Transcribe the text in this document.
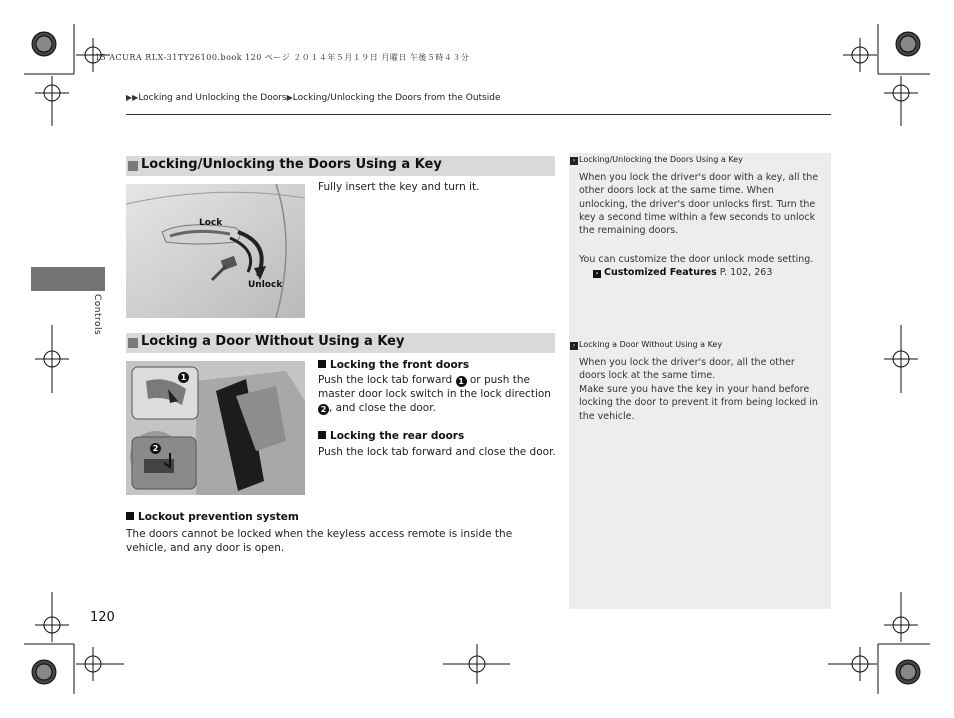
15 ACURA RLX-31TY26100.book 120 ページ ２０１４年５月１９日 月曜日 午後５時４３分
▶▶Locking and Unlocking the Doors▶Locking/Unlocking the Doors from the Outside
Controls
Locking/Unlocking the Doors Using a Key
Lock
Unlock
Fully insert the key and turn it.
Locking a Door Without Using a Key
1
2
Locking the front doors
Push the lock tab forward 1 or push the master door lock switch in the lock direction 2 , and close the door.
Locking the rear doors
Push the lock tab forward and close the door.
Lockout prevention system
The doors cannot be locked when the keyless access remote is inside the vehicle, and any door is open.
› Locking/Unlocking the Doors Using a Key
When you lock the driver's door with a key, all the other doors lock at the same time. When unlocking, the driver's door unlocks first. Turn the key a second time within a few seconds to unlock the remaining doors.
You can customize the door unlock mode setting.
› Customized Features P. 102, 263
› Locking a Door Without Using a Key
When you lock the driver's door, all the other doors lock at the same time.
Make sure you have the key in your hand before locking the door to prevent it from being locked in the vehicle.
120
